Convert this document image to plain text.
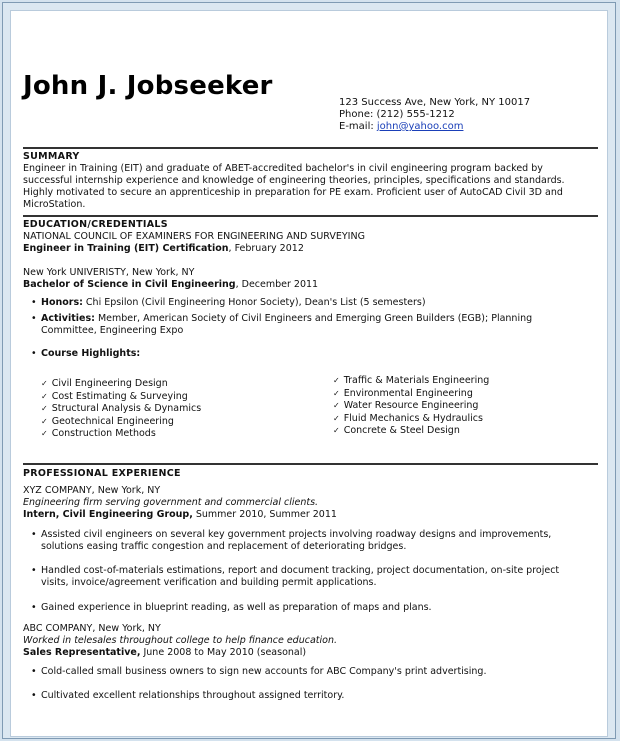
John J. Jobseeker
123 Success Ave, New York, NY 10017
Phone: (212) 555-1212
E-mail: john@yahoo.com
SUMMARY
Engineer in Training (EIT) and graduate of ABET-accredited bachelor's in civil engineering program backed by
successful internship experience and knowledge of engineering theories, principles, specifications and standards.
Highly motivated to secure an apprenticeship in preparation for PE exam. Proficient user of AutoCAD Civil 3D and
MicroStation.
EDUCATION/CREDENTIALS
NATIONAL COUNCIL OF EXAMINERS FOR ENGINEERING AND SURVEYING
Engineer in Training (EIT) Certification, February 2012
New York UNIVERISTY, New York, NY
Bachelor of Science in Civil Engineering, December 2011
• Honors: Chi Epsilon (Civil Engineering Honor Society), Dean's List (5 semesters)
• Activities: Member, American Society of Civil Engineers and Emerging Green Builders (EGB); Planning
Committee, Engineering Expo
• Course Highlights:
✓ Civil Engineering Design
✓ Cost Estimating & Surveying
✓ Structural Analysis & Dynamics
✓ Geotechnical Engineering
✓ Construction Methods
✓ Traffic & Materials Engineering
✓ Environmental Engineering
✓ Water Resource Engineering
✓ Fluid Mechanics & Hydraulics
✓ Concrete & Steel Design
PROFESSIONAL EXPERIENCE
XYZ COMPANY, New York, NY
Engineering firm serving government and commercial clients.
Intern, Civil Engineering Group, Summer 2010, Summer 2011
• Assisted civil engineers on several key government projects involving roadway designs and improvements,
solutions easing traffic congestion and replacement of deteriorating bridges.
• Handled cost-of-materials estimations, report and document tracking, project documentation, on-site project
visits, invoice/agreement verification and building permit applications.
• Gained experience in blueprint reading, as well as preparation of maps and plans.
ABC COMPANY, New York, NY
Worked in telesales throughout college to help finance education.
Sales Representative, June 2008 to May 2010 (seasonal)
• Cold-called small business owners to sign new accounts for ABC Company's print advertising.
• Cultivated excellent relationships throughout assigned territory.
